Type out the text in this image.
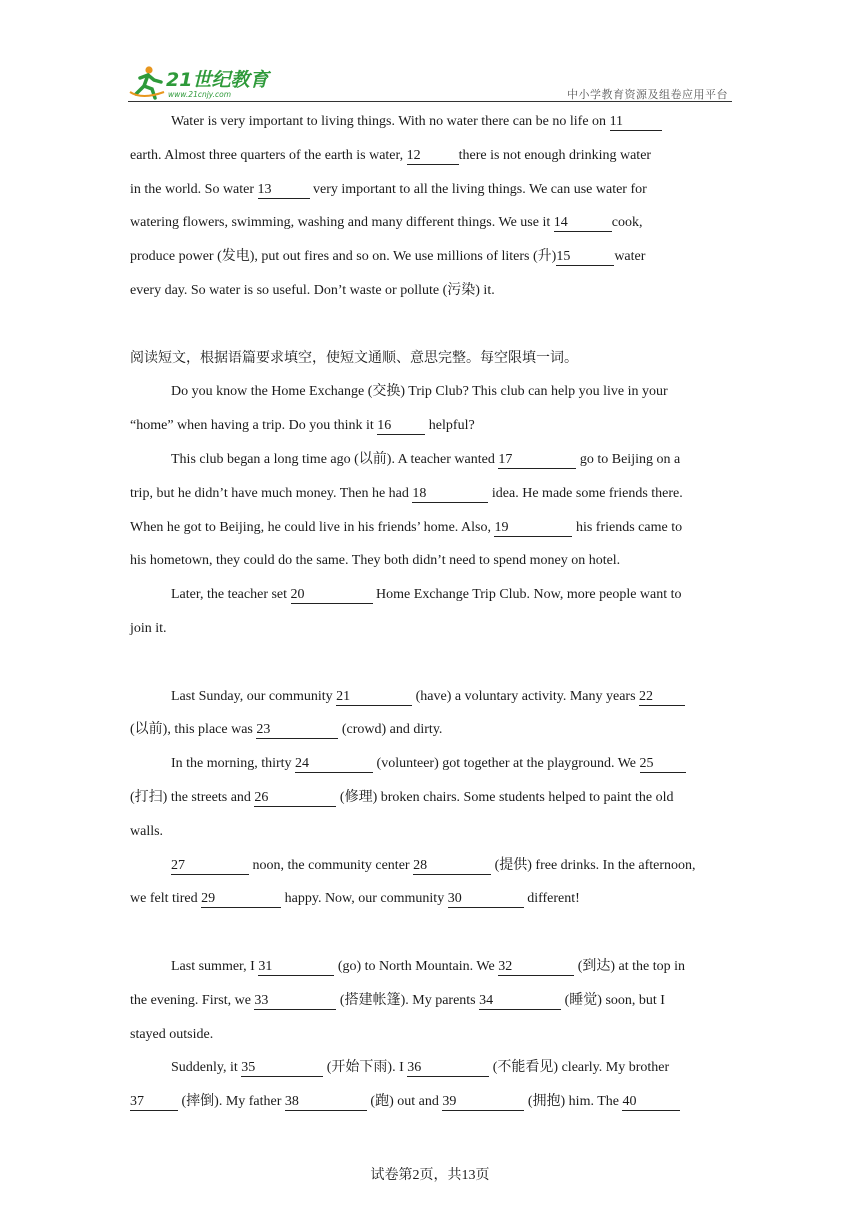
21世纪教育
www.21cnjy.com	中小学教育资源及组卷应用平台

Water is very important to living things. With no water there can be no life on 11

earth. Almost three quarters of the earth is water, 12	there is not enough drinking water

in the world. So water 13	very important to all the living things. We can use water for

watering flowers, swimming, washing and many different things. We use it 14	cook,

produce power (发电), put out fires and so on. We use millions of liters (升)15	water

every day. So water is so useful. Don’t waste or pollute (污染) it.

阅读短文，根据语篇要求填空，使短文通顺、意思完整。每空限填一词。

Do you know the Home Exchange (交换) Trip Club? This club can help you live in your

“home” when having a trip. Do you think it 16 helpful?

This club began a long time ago (以前). A teacher wanted 17	go to Beijing on a

trip, but he didn’t have much money. Then he had 18	idea. He made some friends there.

When he got to Beijing, he could live in his friends’ home. Also, 19	his friends came to

his hometown, they could do the same. They both didn’t need to spend money on hotel.

Later, the teacher set 20	Home Exchange Trip Club. Now, more people want to

join it.

Last Sunday, our community 21	(have) a voluntary activity. Many years 22

(以前), this place was 23	(crowd) and dirty.

In the morning, thirty 24	(volunteer) got together at the playground. We 25

(打扫) the streets and 26	(修理) broken chairs. Some students helped to paint the old

walls.

27	noon, the community center 28	(提供) free drinks. In the afternoon,

we felt tired 29	happy. Now, our community 30	different!

Last summer, I 31	(go) to North Mountain. We 32	(到达) at the top in

the evening. First, we 33	(搭建帐篷). My parents 34	(睡觉) soon, but I

stayed outside.

Suddenly, it 35	(开始下雨). I 36	(不能看见) clearly. My brother

37 (摔倒). My father 38	(跑) out and 39	(拥抱) him. The 40

试卷第2页，共13页
